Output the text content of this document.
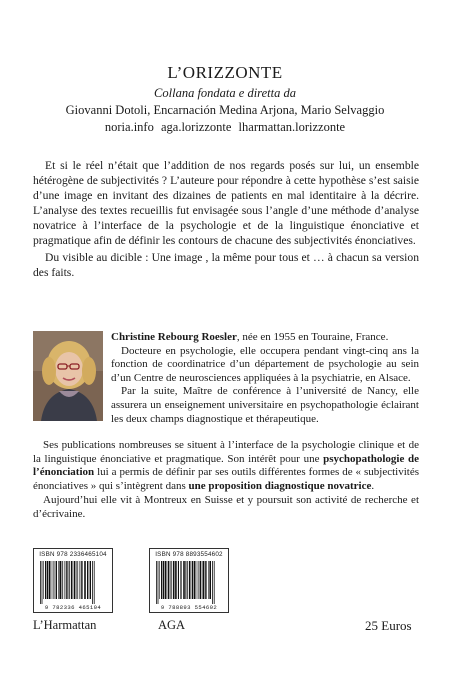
L’ORIZZONTE
Collana fondata e diretta da
Giovanni Dotoli, Encarnación Medina Arjona, Mario Selvaggio
noria.info aga.lorizzonte lharmattan.lorizzonte

Et si le réel n’était que l’addition de nos regards posés sur lui, un ensemble hétérogène de subjectivités ? L’auteure pour répondre à cette hypothèse s’est saisie d’une image en invitant des dizaines de patients en mal identitaire à la décrire. L’analyse des textes recueillis fut envisagée sous l’angle d’une méthode d’analyse novatrice à l’interface de la psychologie et de la linguistique énonciative et pragmatique afin de définir les contours de chacune des subjectivités énonciatives.

Du visible au dicible : Une image , la même pour tous et … à chacun sa version des faits.

Christine Rebourg Roesler, née en 1955 en Touraine, France.

Docteure en psychologie, elle occupera pendant vingt-cinq ans la fonction de coordinatrice d’un département de psychologie au sein d’un Centre de neurosciences appliquées à la psychiatrie, en Alsace.

Par la suite, Maître de conférence à l’université de Nancy, elle assurera un enseignement universitaire en psychopathologie éclairant les deux champs diagnostique et thérapeutique.

Ses publications nombreuses se situent à l’interface de la psychologie clinique et de la linguistique énonciative et pragmatique. Son intérêt pour une psychopathologie de l’énonciation lui a permis de définir par ses outils différentes formes de « subjectivités énonciatives » qui s’intègrent dans une proposition diagnostique novatrice.

Aujourd’hui elle vit à Montreux en Suisse et y poursuit son activité de recherche et d’écrivaine.

ISBN 978 2336465104
9 782336 465104
ISBN 978 8893554602
9 788893 554602
L’Harmattan	AGA	25 Euros
